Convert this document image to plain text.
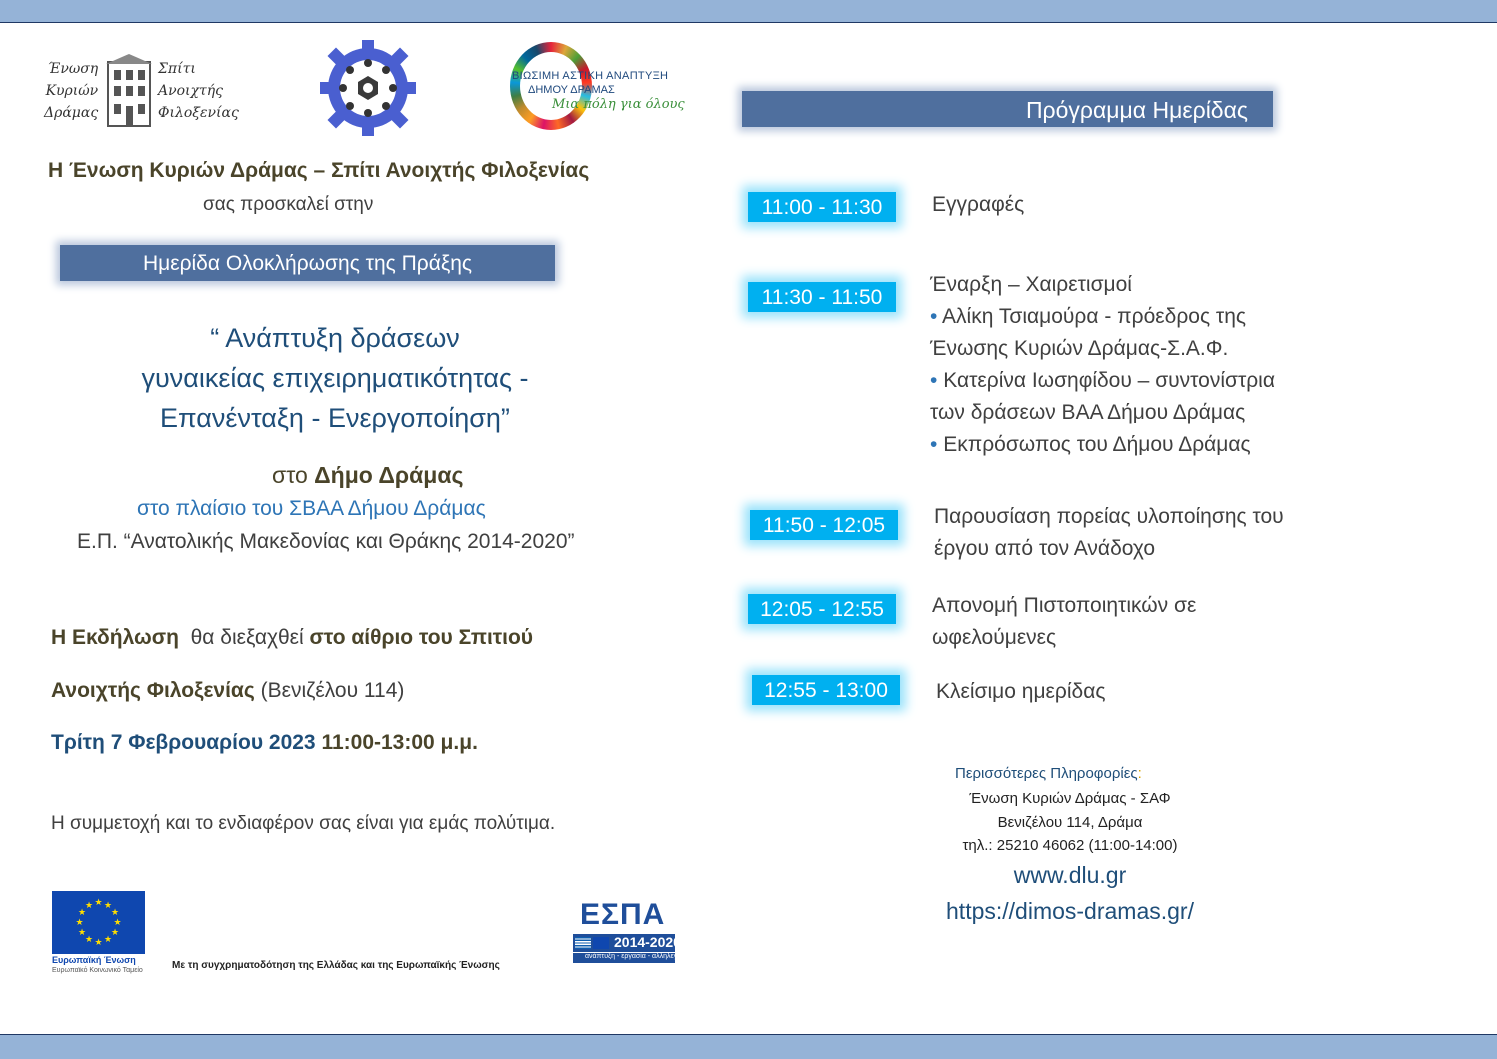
Ένωση
Κυριών
Δράμας
Σπίτι
Ανοιχτής
Φιλοξενίας
ΒΙΩΣΙΜΗ ΑΣΤΙΚΗ ΑΝΑΠΤΥΞΗ
ΔΗΜΟΥ ΔΡΑΜΑΣ
Μια πόλη για όλους
Η Ένωση Κυριών Δράμας – Σπίτι Ανοιχτής Φιλοξενίας
σας προσκαλεί στην
Ημερίδα Ολοκλήρωσης της Πράξης
“ Ανάπτυξη δράσεων
γυναικείας επιχειρηματικότητας -
Επανένταξη - Ενεργοποίηση”
στο Δήμο Δράμας
στο πλαίσιο του ΣΒΑΑ Δήμου Δράμας
Ε.Π. “Ανατολικής Μακεδονίας και Θράκης 2014-2020”
Η Εκδήλωση  θα διεξαχθεί στο αίθριο του Σπιτιού
Ανοιχτής Φιλοξενίας (Βενιζέλου 114)
Τρίτη 7 Φεβρουαρίου 2023 11:00-13:00 μ.μ.
Η συμμετοχή και το ενδιαφέρον σας είναι για εμάς πολύτιμα.
★ ★
★
★
★
★
★
★
★
★
★
★
Ευρωπαϊκή Ένωση
Ευρωπαϊκό Κοινωνικό Ταμείο	Με τη συγχρηματοδότηση της Ελλάδας και της Ευρωπαϊκής Ένωσης
ΕΣΠΑ
2014-2020
ανάπτυξη - εργασία - αλληλεγγύη
Πρόγραμμα Ημερίδας
11:00 - 11:30	Εγγραφές
11:30 - 11:50
Έναρξη – Χαιρετισμοί
• Αλίκη Τσιαμούρα - πρόεδρος της
Ένωσης Κυριών Δράμας-Σ.Α.Φ.
• Κατερίνα Ιωσηφίδου – συντονίστρια
των δράσεων ΒΑΑ Δήμου Δράμας
• Εκπρόσωπος του Δήμου Δράμας
11:50 - 12:05	Παρουσίαση πορείας υλοποίησης του
έργου από τον Ανάδοχο
12:05 - 12:55	Απονομή Πιστοποιητικών σε
ωφελούμενες
12:55 - 13:00	Κλείσιμο ημερίδας
Περισσότερες Πληροφορίες:
Ένωση Κυριών Δράμας - ΣΑΦ
Βενιζέλου 114, Δράμα
τηλ.: 25210 46062 (11:00-14:00)
www.dlu.gr
https://dimos-dramas.gr/
